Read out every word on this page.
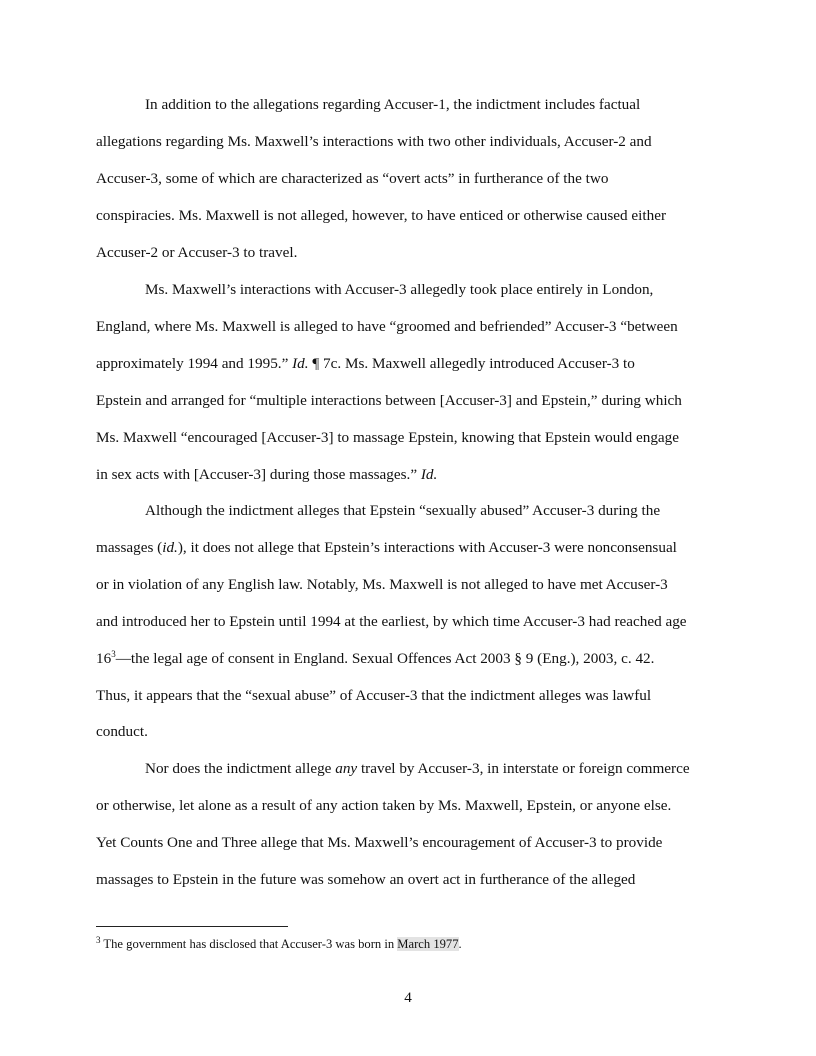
In addition to the allegations regarding Accuser-1, the indictment includes factual
allegations regarding Ms. Maxwell’s interactions with two other individuals, Accuser-2 and
Accuser-3, some of which are characterized as “overt acts” in furtherance of the two
conspiracies. Ms. Maxwell is not alleged, however, to have enticed or otherwise caused either
Accuser-2 or Accuser-3 to travel.
Ms. Maxwell’s interactions with Accuser-3 allegedly took place entirely in London,
England, where Ms. Maxwell is alleged to have “groomed and befriended” Accuser-3 “between
approximately 1994 and 1995.” Id. ¶ 7c. Ms. Maxwell allegedly introduced Accuser-3 to
Epstein and arranged for “multiple interactions between [Accuser-3] and Epstein,” during which
Ms. Maxwell “encouraged [Accuser-3] to massage Epstein, knowing that Epstein would engage
in sex acts with [Accuser-3] during those massages.” Id.
Although the indictment alleges that Epstein “sexually abused” Accuser-3 during the
massages (id.), it does not allege that Epstein’s interactions with Accuser-3 were nonconsensual
or in violation of any English law. Notably, Ms. Maxwell is not alleged to have met Accuser-3
and introduced her to Epstein until 1994 at the earliest, by which time Accuser-3 had reached age
$16^3—the$ legal age of consent in England. Sexual Offences Act 2003 § 9 (Eng.), 2003, c. 42.
Thus, it appears that the “sexual abuse” of Accuser-3 that the indictment alleges was lawful
conduct.
Nor does the indictment allege any travel by Accuser-3, in interstate or foreign commerce
or otherwise, let alone as a result of any action taken by Ms. Maxwell, Epstein, or anyone else.
Yet Counts One and Three allege that Ms. Maxwell’s encouragement of Accuser-3 to provide
massages to Epstein in the future was somehow an overt act in furtherance of the alleged
$^3$ The government has disclosed that Accuser-3 was born in March 1977.
4
